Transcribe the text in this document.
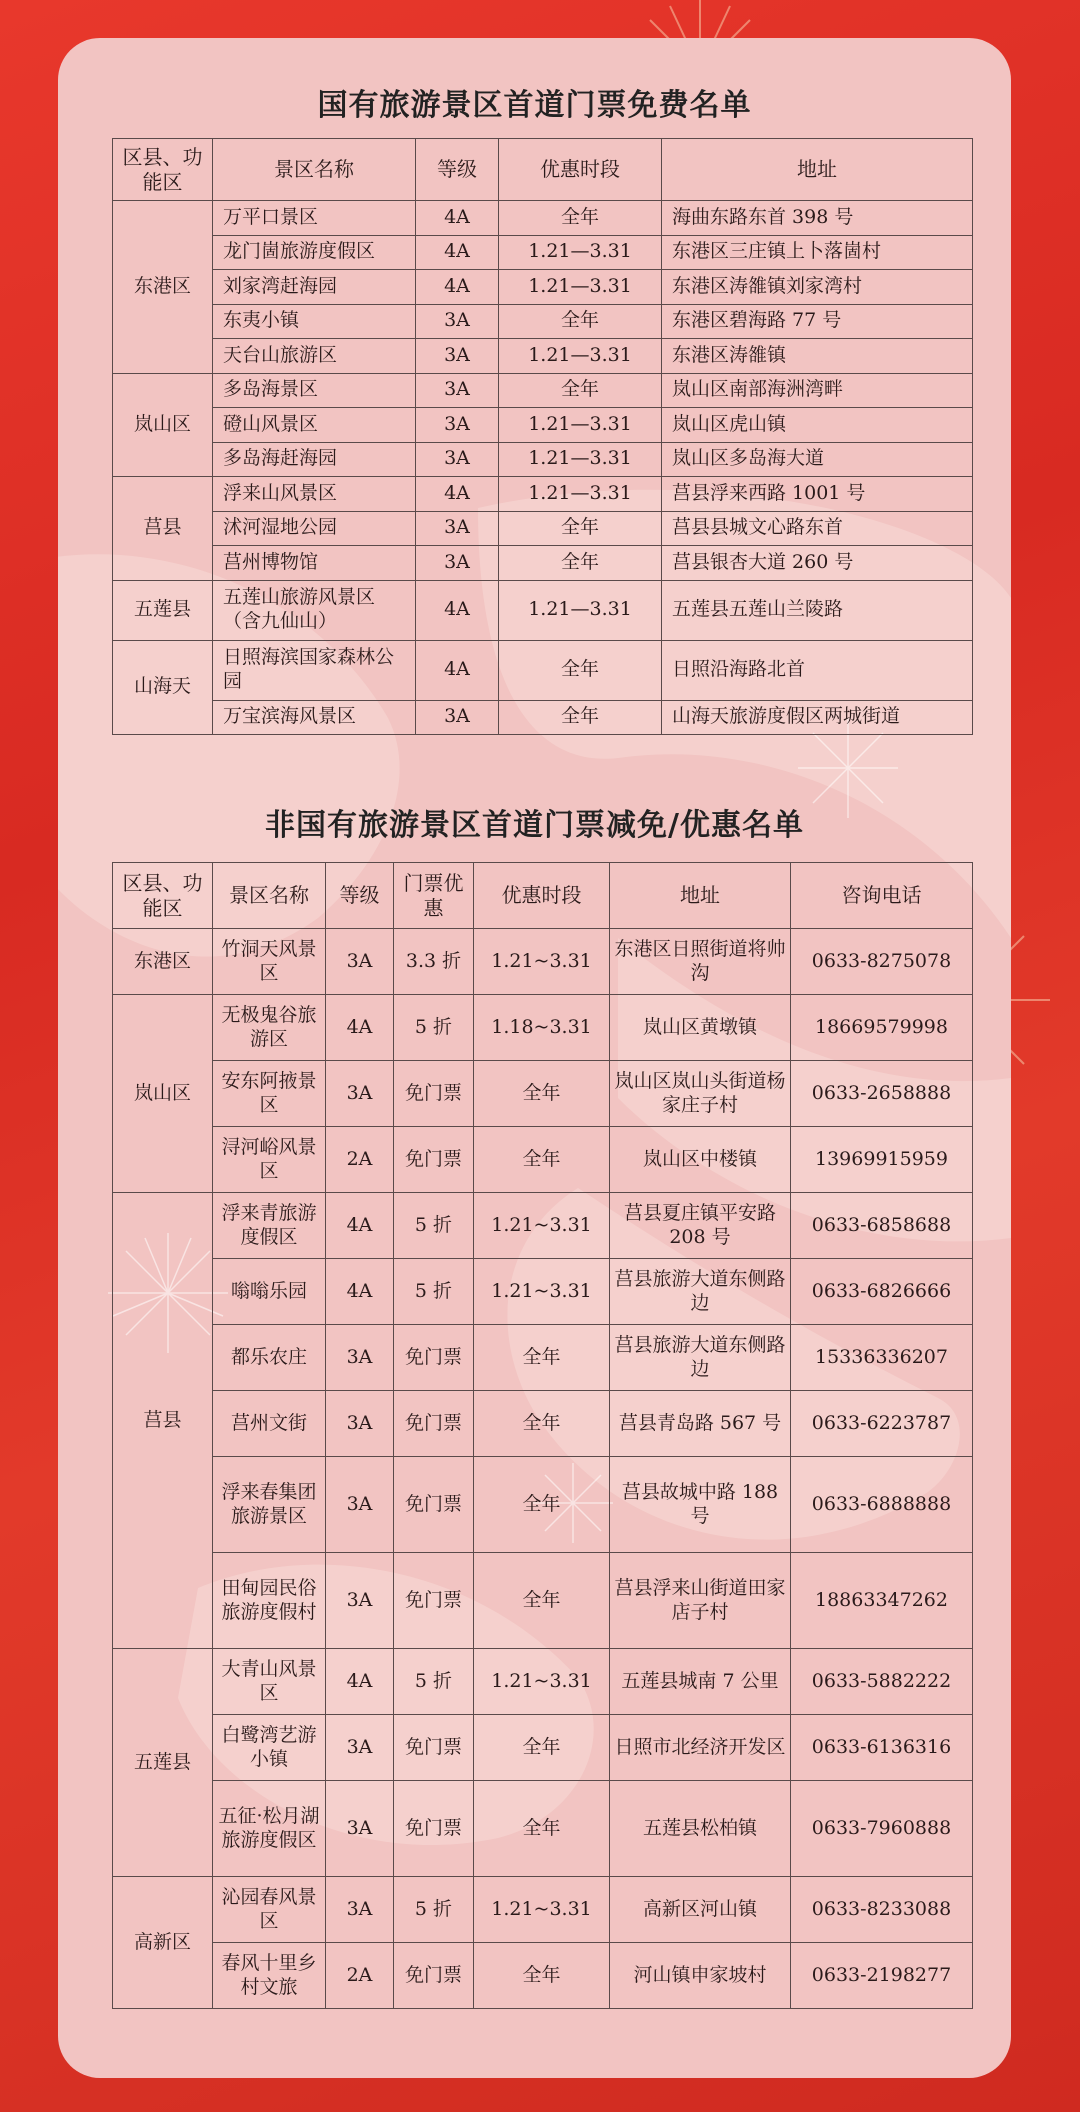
国有旅游景区首道门票免费名单
区县、功能区	景区名称	等级	优惠时段	地址
东港区	万平口景区	4A	全年	海曲东路东首 398 号
	龙门崮旅游度假区	4A	1.21—3.31	东港区三庄镇上卜落崮村
	刘家湾赶海园	4A	1.21—3.31	东港区涛雒镇刘家湾村
	东夷小镇	3A	全年	东港区碧海路 77 号
	天台山旅游区	3A	1.21—3.31	东港区涛雒镇
岚山区	多岛海景区	3A	全年	岚山区南部海洲湾畔
	磴山风景区	3A	1.21—3.31	岚山区虎山镇
	多岛海赶海园	3A	1.21—3.31	岚山区多岛海大道
莒县	浮来山风景区	4A	1.21—3.31	莒县浮来西路 1001 号
	沭河湿地公园	3A	全年	莒县县城文心路东首
	莒州博物馆	3A	全年	莒县银杏大道 260 号
五莲县	五莲山旅游风景区（含九仙山）	4A	1.21—3.31	五莲县五莲山兰陵路
山海天	日照海滨国家森林公园	4A	全年	日照沿海路北首
	万宝滨海风景区	3A	全年	山海天旅游度假区两城街道
非国有旅游景区首道门票减免/优惠名单
区县、功能区	景区名称	等级	门票优惠	优惠时段	地址	咨询电话
东港区	竹洞天风景区	3A	3.3 折	1.21~3.31	东港区日照街道将帅沟	0633-8275078
岚山区	无极鬼谷旅游区	4A	5 折	1.18~3.31	岚山区黄墩镇	18669579998
	安东阿掖景区	3A	免门票	全年	岚山区岚山头街道杨家庄子村	0633-2658888
	浔河峪风景区	2A	免门票	全年	岚山区中楼镇	13969915959
莒县	浮来青旅游度假区	4A	5 折	1.21~3.31	莒县夏庄镇平安路 208 号	0633-6858688
	嗡嗡乐园	4A	5 折	1.21~3.31	莒县旅游大道东侧路边	0633-6826666
	都乐农庄	3A	免门票	全年	莒县旅游大道东侧路边	15336336207
	莒州文街	3A	免门票	全年	莒县青岛路 567 号	0633-6223787
	浮来春集团旅游景区	3A	免门票	全年	莒县故城中路 188 号	0633-6888888
	田甸园民俗旅游度假村	3A	免门票	全年	莒县浮来山街道田家店子村	18863347262
五莲县	大青山风景区	4A	5 折	1.21~3.31	五莲县城南 7 公里	0633-5882222
	白鹭湾艺游小镇	3A	免门票	全年	日照市北经济开发区	0633-6136316
	五征·松月湖旅游度假区	3A	免门票	全年	五莲县松柏镇	0633-7960888
高新区	沁园春风景区	3A	5 折	1.21~3.31	高新区河山镇	0633-8233088
	春风十里乡村文旅	2A	免门票	全年	河山镇申家坡村	0633-2198277
